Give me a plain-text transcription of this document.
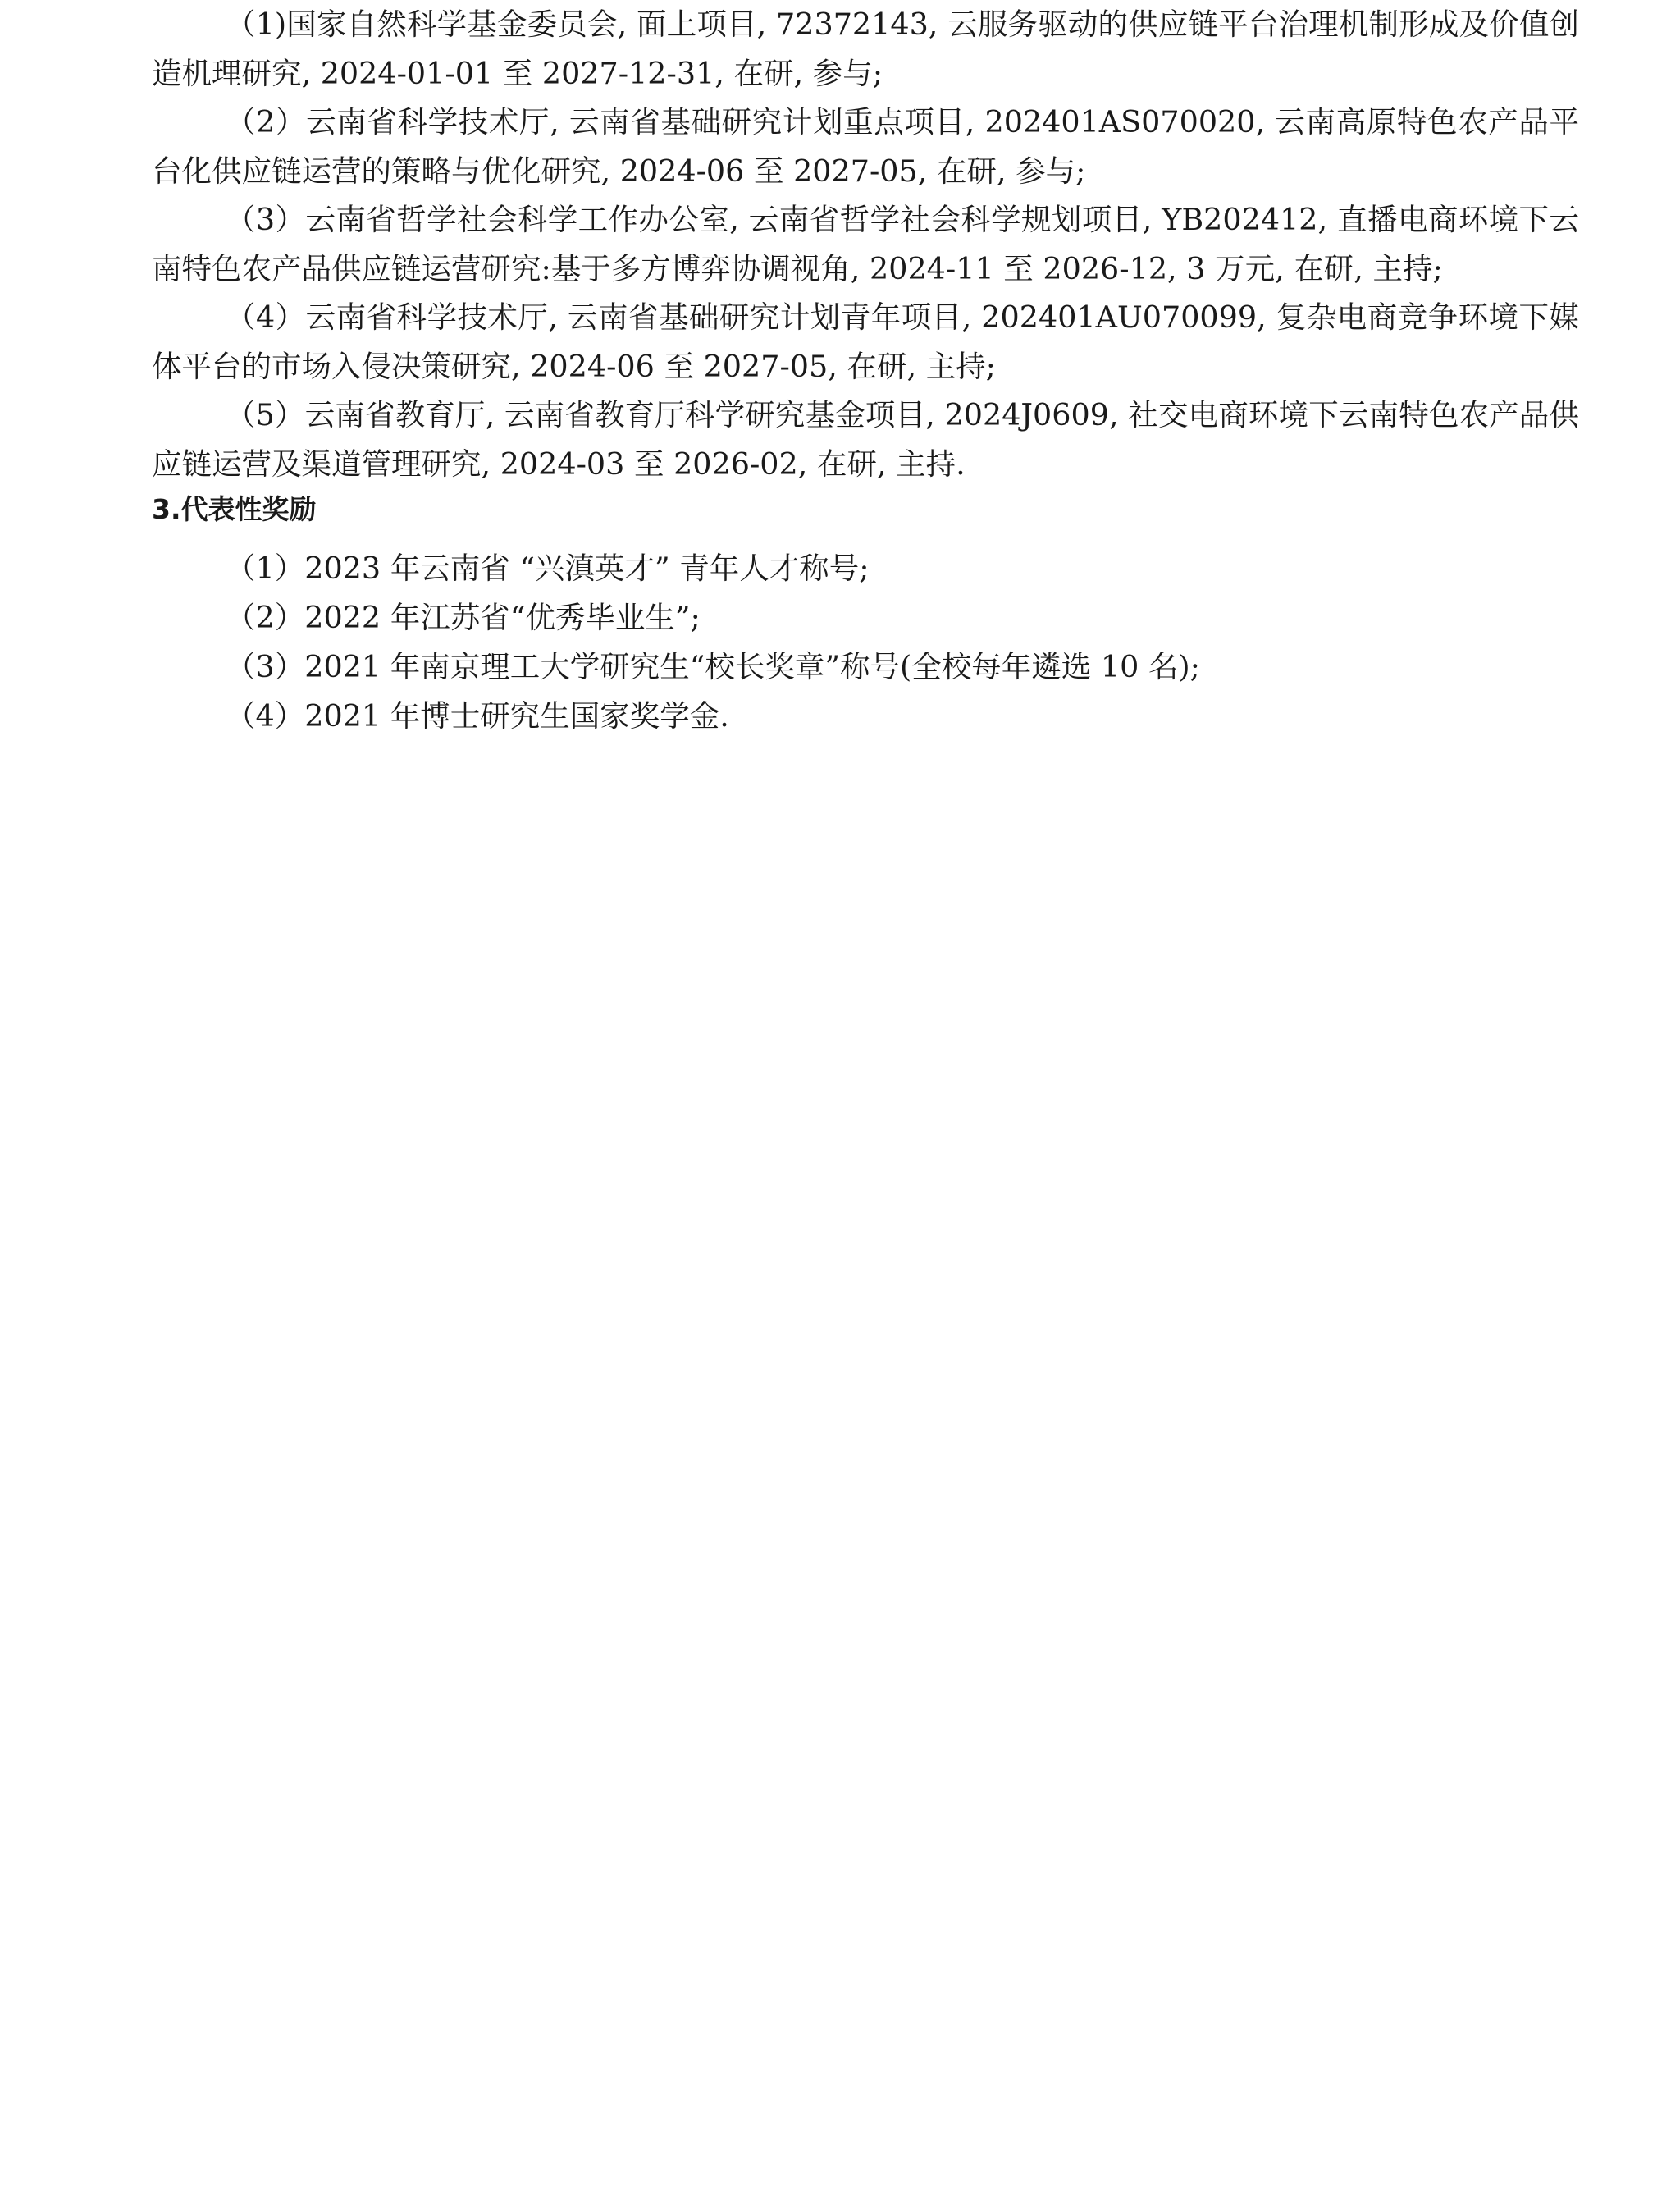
（1)国家自然科学基金委员会, 面上项目, 72372143, 云服务驱动的供应链平台治理机制形成及价值创造机理研究, 2024-01-01 至 2027-12-31, 在研, 参与;

（2）云南省科学技术厅, 云南省基础研究计划重点项目, 202401AS070020, 云南高原特色农产品平台化供应链运营的策略与优化研究, 2024-06 至 2027-05, 在研, 参与;

（3）云南省哲学社会科学工作办公室, 云南省哲学社会科学规划项目, YB202412, 直播电商环境下云南特色农产品供应链运营研究:基于多方博弈协调视角, 2024-11 至 2026-12, 3 万元, 在研, 主持;

（4）云南省科学技术厅, 云南省基础研究计划青年项目, 202401AU070099, 复杂电商竞争环境下媒体平台的市场入侵决策研究, 2024-06 至 2027-05, 在研, 主持;

（5）云南省教育厅, 云南省教育厅科学研究基金项目, 2024J0609, 社交电商环境下云南特色农产品供应链运营及渠道管理研究, 2024-03 至 2026-02, 在研, 主持.

3.代表性奖励

（1）2023 年云南省 “兴滇英才” 青年人才称号;

（2）2022 年江苏省“优秀毕业生”;

（3）2021 年南京理工大学研究生“校长奖章”称号(全校每年遴选 10 名);

（4）2021 年博士研究生国家奖学金.
